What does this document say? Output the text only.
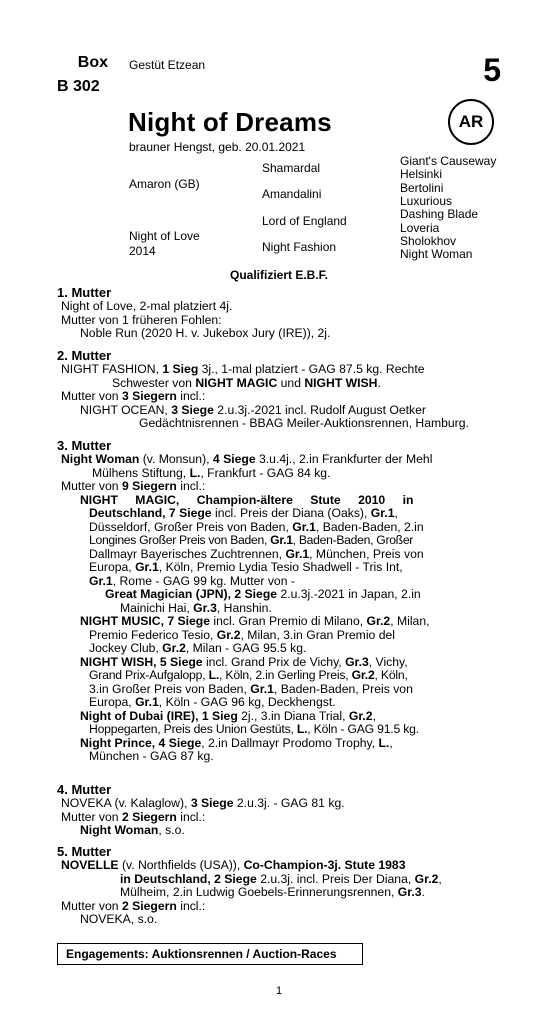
Box
B 302
Gestüt Etzean	5
AR
Night of Dreams
brauner Hengst, geb. 20.01.2021
Amaron (GB)
Night of Love
2014
Shamardal
Amandalini
Lord of England
Night Fashion
Giant's Causeway
Helsinki
Bertolini
Luxurious
Dashing Blade
Loveria
Sholokhov
Night Woman
Qualifiziert E.B.F.
1. Mutter
Night of Love, 2-mal platziert 4j.
Mutter von 1 früheren Fohlen:
Noble Run (2020 H. v. Jukebox Jury (IRE)), 2j.
2. Mutter
NIGHT FASHION, 1 Sieg 3j., 1-mal platziert - GAG 87.5 kg. Rechte
Schwester von NIGHT MAGIC und NIGHT WISH.
Mutter von 3 Siegern incl.:
NIGHT OCEAN, 3 Siege 2.u.3j.-2021 incl. Rudolf August Oetker
Gedächtnisrennen - BBAG Meiler-Auktionsrennen, Hamburg.
3. Mutter
Night Woman (v. Monsun), 4 Siege 3.u.4j., 2.in Frankfurter der Mehl
Mülhens Stiftung, L., Frankfurt - GAG 84 kg.
Mutter von 9 Siegern incl.:
NIGHT MAGIC, Champion-ältere Stute 2010 in
Deutschland, 7 Siege incl. Preis der Diana (Oaks), Gr.1,
Düsseldorf, Großer Preis von Baden, Gr.1, Baden-Baden, 2.in
Longines Großer Preis von Baden, Gr.1, Baden-Baden, Großer
Dallmayr Bayerisches Zuchtrennen, Gr.1, München, Preis von
Europa, Gr.1, Köln, Premio Lydia Tesio Shadwell - Tris Int,
Gr.1, Rome - GAG 99 kg. Mutter von -
Great Magician (JPN), 2 Siege 2.u.3j.-2021 in Japan, 2.in
Mainichi Hai, Gr.3, Hanshin.
NIGHT MUSIC, 7 Siege incl. Gran Premio di Milano, Gr.2, Milan,
Premio Federico Tesio, Gr.2, Milan, 3.in Gran Premio del
Jockey Club, Gr.2, Milan - GAG 95.5 kg.
NIGHT WISH, 5 Siege incl. Grand Prix de Vichy, Gr.3, Vichy,
Grand Prix-Aufgalopp, L., Köln, 2.in Gerling Preis, Gr.2, Köln,
3.in Großer Preis von Baden, Gr.1, Baden-Baden, Preis von
Europa, Gr.1, Köln - GAG 96 kg, Deckhengst.
Night of Dubai (IRE), 1 Sieg 2j., 3.in Diana Trial, Gr.2,
Hoppegarten, Preis des Union Gestüts, L., Köln - GAG 91.5 kg.
Night Prince, 4 Siege, 2.in Dallmayr Prodomo Trophy, L.,
München - GAG 87 kg.
4. Mutter
NOVEKA (v. Kalaglow), 3 Siege 2.u.3j. - GAG 81 kg.
Mutter von 2 Siegern incl.:
Night Woman, s.o.
5. Mutter
NOVELLE (v. Northfields (USA)), Co-Champion-3j. Stute 1983
in Deutschland, 2 Siege 2.u.3j. incl. Preis Der Diana, Gr.2,
Mülheim, 2.in Ludwig Goebels-Erinnerungsrennen, Gr.3.
Mutter von 2 Siegern incl.:
NOVEKA, s.o.
Engagements: Auktionsrennen / Auction-Races
1
